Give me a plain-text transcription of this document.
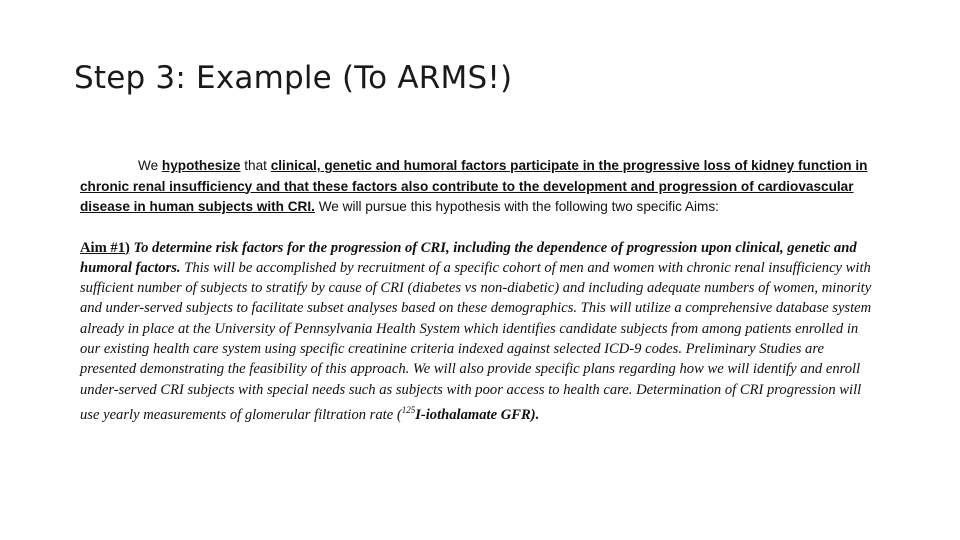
Step 3: Example (To ARMS!)

We hypothesize that clinical, genetic and humoral factors participate in the progressive loss of kidney function in chronic renal insufficiency and that these factors also contribute to the development and progression of cardiovascular disease in human subjects with CRI. We will pursue this hypothesis with the following two specific Aims:

Aim #1) To determine risk factors for the progression of CRI, including the dependence of progression upon clinical, genetic and humoral factors. This will be accomplished by recruitment of a specific cohort of men and women with chronic renal insufficiency with sufficient number of subjects to stratify by cause of CRI (diabetes vs non-diabetic) and including adequate numbers of women, minority and under-served subjects to facilitate subset analyses based on these demographics. This will utilize a comprehensive database system already in place at the University of Pennsylvania Health System which identifies candidate subjects from among patients enrolled in our existing health care system using specific creatinine criteria indexed against selected ICD-9 codes. Preliminary Studies are presented demonstrating the feasibility of this approach. We will also provide specific plans regarding how we will identify and enroll under-served CRI subjects with special needs such as subjects with poor access to health care. Determination of CRI progression will use yearly measurements of glomerular filtration rate ($^{125}$I-iothalamate GFR).
